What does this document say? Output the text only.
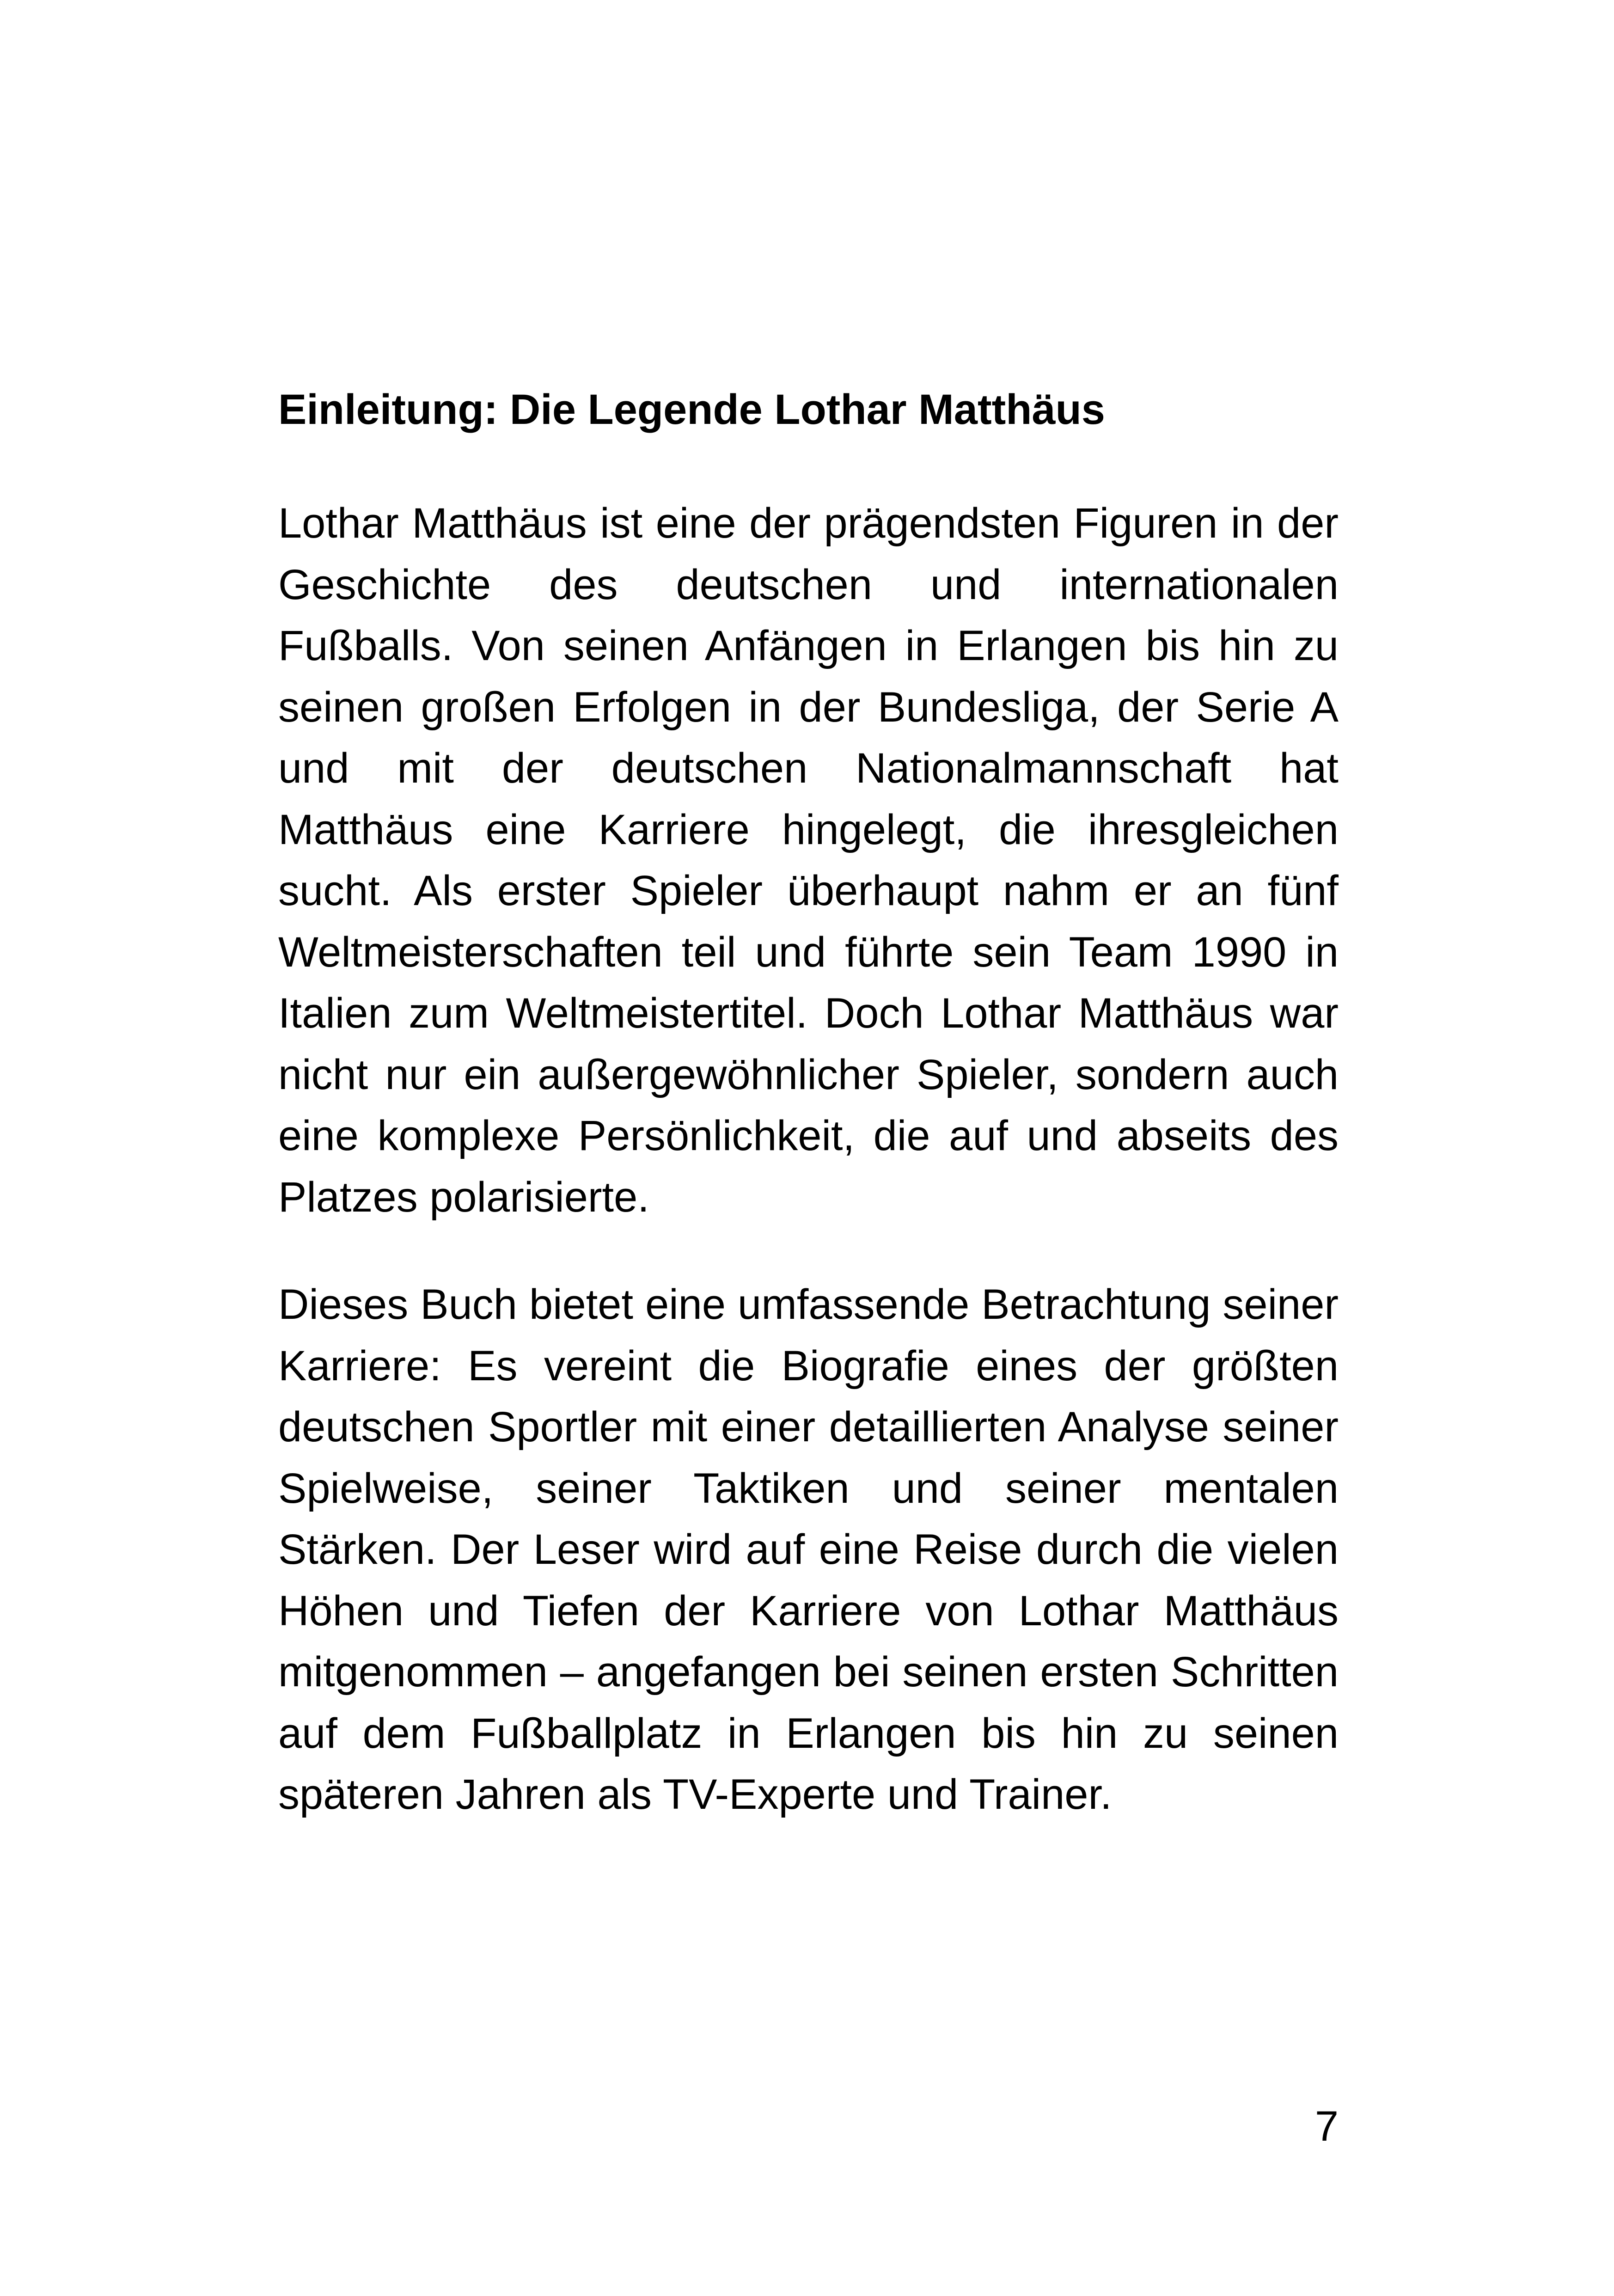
Einleitung: Die Legende Lothar Matthäus

Lothar Matthäus ist eine der prägendsten Figuren in der Geschichte des deutschen und internationalen Fußballs. Von seinen Anfängen in Erlangen bis hin zu seinen großen Erfolgen in der Bundesliga, der Serie A und mit der deutschen Nationalmannschaft hat Matthäus eine Karriere hingelegt, die ihresgleichen sucht. Als erster Spieler überhaupt nahm er an fünf Weltmeisterschaften teil und führte sein Team 1990 in Italien zum Weltmeistertitel. Doch Lothar Matthäus war nicht nur ein außergewöhnlicher Spieler, sondern auch eine komplexe Persönlichkeit, die auf und abseits des Platzes polarisierte.

Dieses Buch bietet eine umfassende Betrachtung seiner Karriere: Es vereint die Biografie eines der größten deutschen Sportler mit einer detaillierten Analyse seiner Spielweise, seiner Taktiken und seiner mentalen Stärken. Der Leser wird auf eine Reise durch die vielen Höhen und Tiefen der Karriere von Lothar Matthäus mitgenommen – angefangen bei seinen ersten Schritten auf dem Fußballplatz in Erlangen bis hin zu seinen späteren Jahren als TV-Experte und Trainer.

7
